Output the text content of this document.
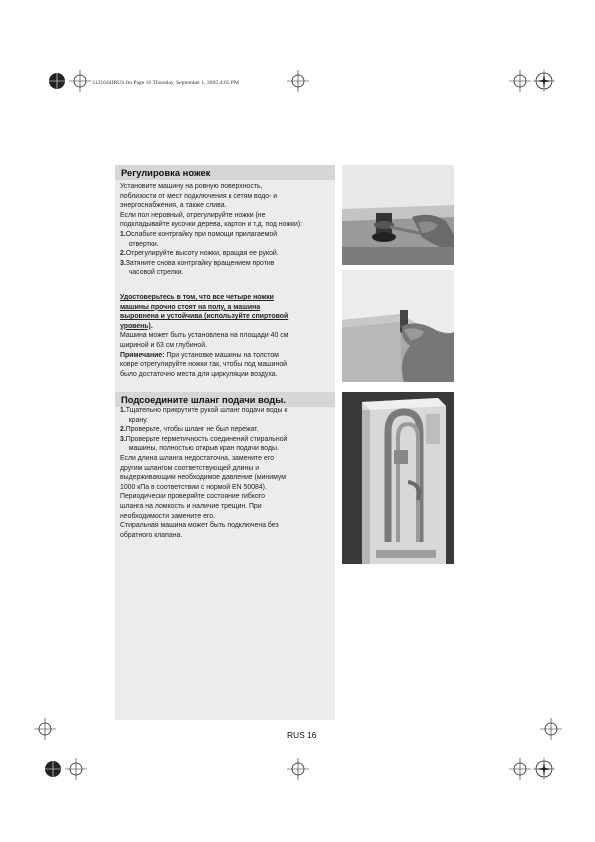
3121044IRUS.fm Page 16 Thursday, September 1, 2005 4:05 PM
Регулировка ножек

Установите машину на ровную поверхность,

поблизости от мест подключения к сетям водо- и

энергоснабжения, а также слива.

Если пол неровный, отрегулируйте ножки (не

подкладывайте кусочки дерева, картон и т.д. под ножки):

1. Ослабьте контргайку при помощи прилагаемой
отвертки.
2. Отрегулируйте высоту ножки, вращая ее рукой.
3. Затяните снова контргайку вращением против
часовой стрелки.

Удостоверьтесь в том, что все четыре ножки

машины прочно стоят на полу, а машина

выровнена и устойчива (используйте спиртовой

уровень).

Машина может быть установлена на площади 40 см

шириной и 63 см глубиной.

Примечание: При установке машины на толстом

ковре отрегулируйте ножки так, чтобы под машиной

было достаточно места для циркуляции воздуха.

Подсоедините шланг подачи воды.
1. Тщательно прикрутите рукой шланг подачи воды к
крану.
2. Проверьте, чтобы шланг не был пережат.
3. Проверьте герметичность соединений стиральной
машины, полностью открыв кран подачи воды.

Если длина шланга недостаточна, замените его

другим шлангом соответствующей длины и

выдерживающим необходимое давление (минимум

1000 кПа в соответствии с нормой EN 50084).

Периодически проверяйте состояние гибкого

шланга на ломкость и наличие трещин. При

необходимости замените его.

Стиральная машина может быть подключена без

обратного клапана.

RUS 16
